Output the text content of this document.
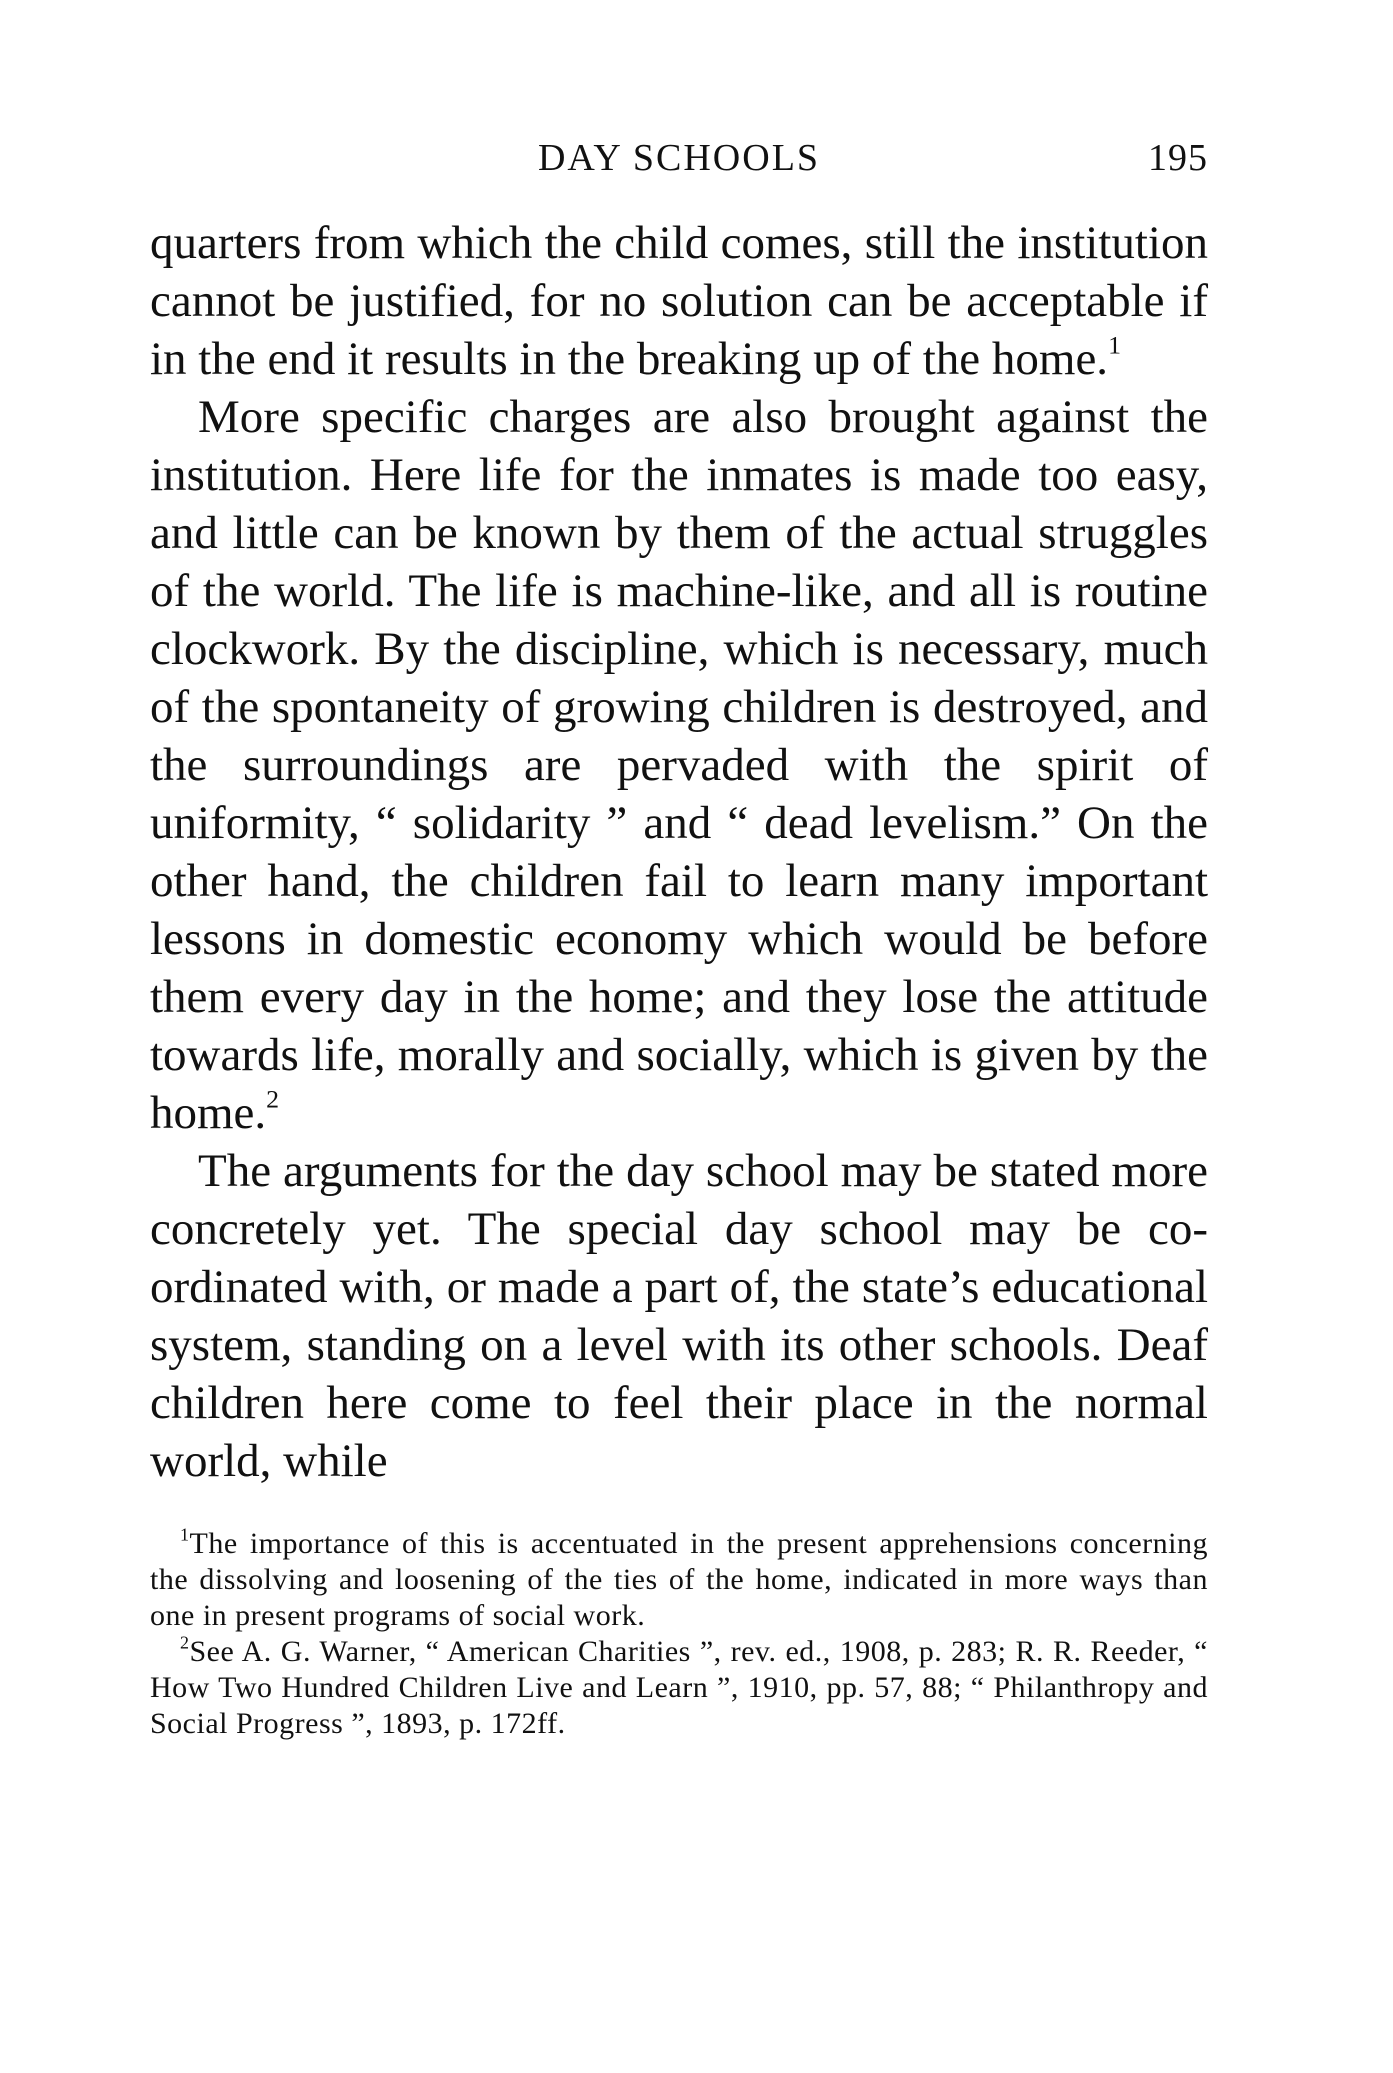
DAY SCHOOLS	195

quarters from which the child comes, still the institution cannot be justified, for no solution can be acceptable if in the end it results in the breaking up of the home.$^1$

More specific charges are also brought against the institution. Here life for the inmates is made too easy, and little can be known by them of the actual struggles of the world. The life is machine-like, and all is routine clockwork. By the discipline, which is necessary, much of the spontaneity of growing children is destroyed, and the surroundings are pervaded with the spirit of uniformity, “ solidarity ” and “ dead levelism.” On the other hand, the children fail to learn many important lessons in domestic economy which would be before them every day in the home; and they lose the attitude towards life, morally and socially, which is given by the home.$^2$

The arguments for the day school may be stated more concretely yet. The special day school may be co-ordinated with, or made a part of, the state’s educational system, standing on a level with its other schools. Deaf children here come to feel their place in the normal world, while

$^1$The importance of this is accentuated in the present apprehensions concerning the dissolving and loosening of the ties of the home, indicated in more ways than one in present programs of social work.

$^2$See A. G. Warner, “ American Charities ”, rev. ed., 1908, p. 283; R. R. Reeder, “ How Two Hundred Children Live and Learn ”, 1910, pp. 57, 88; “ Philanthropy and Social Progress ”, 1893, p. 172ff.
